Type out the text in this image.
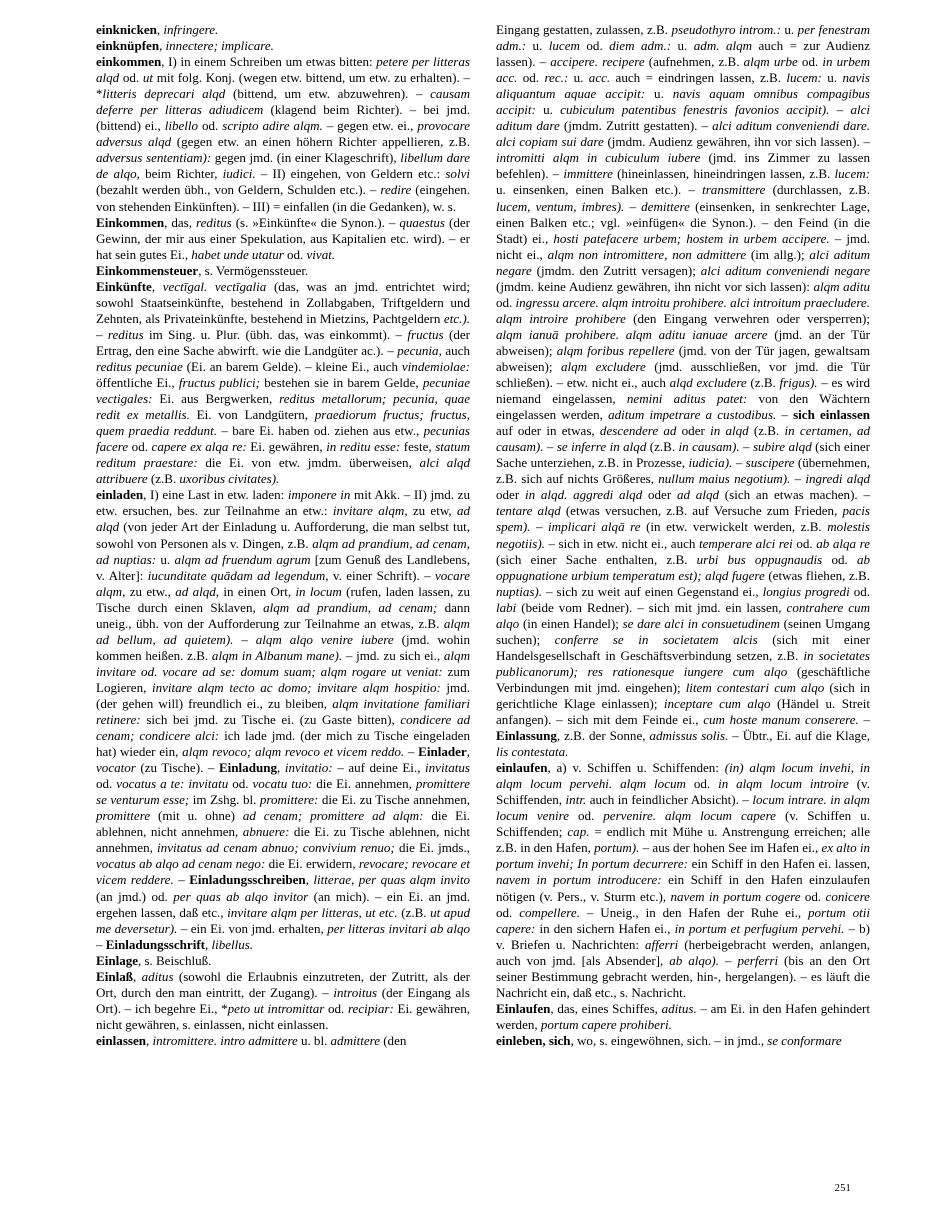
einknicken, infringere.

einknüpfen, innectere; implicare.

einkommen, I) in einem Schreiben um etwas bitten: petere per litteras alqd od. ut mit folg. Konj. (wegen etw. bittend, um etw. zu erhalten). – *litteris deprecari alqd (bittend, um etw. abzuwehren). – causam deferre per litteras adiudicem (klagend beim Richter). – bei jmd. (bittend) ei., libello od. scripto adire alqm. – gegen etw. ei., provocare adversus alqd (gegen etw. an einen höhern Richter appellieren, z.B. adversus sententiam): gegen jmd. (in einer Klageschrift), libellum dare de alqo, beim Richter, iudici. – II) eingehen, von Geldern etc.: solvi (bezahlt werden übh., von Geldern, Schulden etc.). – redire (eingehen. von stehenden Einkünften). – III) = einfallen (in die Gedanken), w. s.

Einkommen, das, reditus (s. »Einkünfte« die Synon.). – quaestus (der Gewinn, der mir aus einer Spekulation, aus Kapitalien etc. wird). – er hat sein gutes Ei., habet unde utatur od. vivat.

Einkommensteuer, s. Vermögenssteuer.

Einkünfte, vectīgal. vectīgalia (das, was an jmd. entrichtet wird; sowohl Staatseinkünfte, bestehend in Zollabgaben, Triftgeldern und Zehnten, als Privateinkünfte, bestehend in Mietzins, Pachtgeldern etc.). – reditus im Sing. u. Plur. (übh. das, was einkommt). – fructus (der Ertrag, den eine Sache abwirft. wie die Landgüter ac.). – pecunia, auch reditus pecuniae (Ei. an barem Gelde). – kleine Ei., auch vindemiolae: öffentliche Ei., fructus publici; bestehen sie in barem Gelde, pecuniae vectigales: Ei. aus Bergwerken, reditus metallorum; pecunia, quae redit ex metallis. Ei. von Landgütern, praediorum fructus; fructus, quem praedia reddunt. – bare Ei. haben od. ziehen aus etw., pecunias facere od. capere ex alqa re: Ei. gewähren, in reditu esse: feste, statum reditum praestare: die Ei. von etw. jmdm. überweisen, alci alqd attribuere (z.B. uxoribus civitates).

einladen, I) eine Last in etw. laden: imponere in mit Akk. – II) jmd. zu etw. ersuchen, bes. zur Teilnahme an etw.: invitare alqm, zu etw, ad alqd (von jeder Art der Einladung u. Aufforderung, die man selbst tut, sowohl von Personen als v. Dingen, z.B. alqm ad prandium, ad cenam, ad nuptias: u. alqm ad fruendum agrum [zum Genuß des Landlebens, v. Alter]: iucunditate quādam ad legendum, v. einer Schrift). – vocare alqm, zu etw., ad alqd, in einen Ort, in locum (rufen, laden lassen, zu Tische durch einen Sklaven, alqm ad prandium, ad cenam; dann uneig., übh. von der Aufforderung zur Teilnahme an etwas, z.B. alqm ad bellum, ad quietem). – alqm alqo venire iubere (jmd. wohin kommen heißen. z.B. alqm in Albanum mane). – jmd. zu sich ei., alqm invitare od. vocare ad se: domum suam; alqm rogare ut veniat: zum Logieren, invitare alqm tecto ac domo; invitare alqm hospitio: jmd. (der gehen will) freundlich ei., zu bleiben, alqm invitatione familiari retinere: sich bei jmd. zu Tische ei. (zu Gaste bitten), condicere ad cenam; condicere alci: ich lade jmd. (der mich zu Tische eingeladen hat) wieder ein, alqm revoco; alqm revoco et vicem reddo. – Einlader, vocator (zu Tische). – Einladung, invitatio: – auf deine Ei., invitatus od. vocatus a te: invitatu od. vocatu tuo: die Ei. annehmen, promittere se venturum esse; im Zshg. bl. promittere: die Ei. zu Tische annehmen, promittere (mit u. ohne) ad cenam; promittere ad alqm: die Ei. ablehnen, nicht annehmen, abnuere: die Ei. zu Tische ablehnen, nicht annehmen, invitatus ad cenam abnuo; convivium renuo; die Ei. jmds., vocatus ab alqo ad cenam nego: die Ei. erwidern, revocare; revocare et vicem reddere. – Einladungsschreiben, litterae, per quas alqm invito (an jmd.) od. per quas ab alqo invitor (an mich). – ein Ei. an jmd. ergehen lassen, daß etc., invitare alqm per litteras, ut etc. (z.B. ut apud me deversetur). – ein Ei. von jmd. erhalten, per litteras invitari ab alqo – Einladungsschrift, libellus.

Einlage, s. Beischluß.

Einlaß, aditus (sowohl die Erlaubnis einzutreten, der Zutritt, als der Ort, durch den man eintritt, der Zugang). – introitus (der Eingang als Ort). – ich begehre Ei., *peto ut intromittar od. recipiar: Ei. gewähren, nicht gewähren, s. einlassen, nicht einlassen.

einlassen, intromittere. intro admittere u. bl. admittere (den

Eingang gestatten, zulassen, z.B. pseudothyro introm.: u. per fenestram adm.: u. lucem od. diem adm.: u. adm. alqm auch = zur Audienz lassen). – accipere. recipere (aufnehmen, z.B. alqm urbe od. in urbem acc. od. rec.: u. acc. auch = eindringen lassen, z.B. lucem: u. navis aliquantum aquae accipit: u. navis aquam omnibus compagibus accipit: u. cubiculum patentibus fenestris favonios accipit). – alci aditum dare (jmdm. Zutritt gestatten). – alci aditum conveniendi dare. alci copiam sui dare (jmdm. Audienz gewähren, ihn vor sich lassen). – intromitti alqm in cubiculum iubere (jmd. ins Zimmer zu lassen befehlen). – immittere (hineinlassen, hineindringen lassen, z.B. lucem: u. einsenken, einen Balken etc.). – transmittere (durchlassen, z.B. lucem, ventum, imbres). – demittere (einsenken, in senkrechter Lage, einen Balken etc.; vgl. »einfügen« die Synon.). – den Feind (in die Stadt) ei., hosti patefacere urbem; hostem in urbem accipere. – jmd. nicht ei., alqm non intromittere, non admittere (im allg.); alci aditum negare (jmdm. den Zutritt versagen); alci aditum conveniendi negare (jmdm. keine Audienz gewähren, ihn nicht vor sich lassen): alqm aditu od. ingressu arcere. alqm introitu prohibere. alci introitum praecludere. alqm introire prohibere (den Eingang verwehren oder versperren); alqm ianuā prohibere. alqm aditu ianuae arcere (jmd. an der Tür abweisen); alqm foribus repellere (jmd. von der Tür jagen, gewaltsam abweisen); alqm excludere (jmd. ausschließen, vor jmd. die Tür schließen). – etw. nicht ei., auch alqd excludere (z.B. frigus). – es wird niemand eingelassen, nemini aditus patet: von den Wächtern eingelassen werden, aditum impetrare a custodibus. – sich einlassen auf oder in etwas, descendere ad oder in alqd (z.B. in certamen, ad causam). – se inferre in alqd (z.B. in causam). – subire alqd (sich einer Sache unterziehen, z.B. in Prozesse, iudicia). – suscipere (übernehmen, z.B. sich auf nichts Größeres, nullum maius negotium). – ingredi alqd oder in alqd. aggredi alqd oder ad alqd (sich an etwas machen). – tentare alqd (etwas versuchen, z.B. auf Versuche zum Frieden, pacis spem). – implicari alqā re (in etw. verwickelt werden, z.B. molestis negotiis). – sich in etw. nicht ei., auch temperare alci rei od. ab alqa re (sich einer Sache enthalten, z.B. urbi bus oppugnaudis od. ab oppugnatione urbium temperatum est); alqd fugere (etwas fliehen, z.B. nuptias). – sich zu weit auf einen Gegenstand ei., longius progredi od. labi (beide vom Redner). – sich mit jmd. ein lassen, contrahere cum alqo (in einen Handel); se dare alci in consuetudinem (seinen Umgang suchen); conferre se in societatem alcis (sich mit einer Handelsgesellschaft in Geschäftsverbindung setzen, z.B. in societates publicanorum); res rationesque iungere cum alqo (geschäftliche Verbindungen mit jmd. eingehen); litem contestari cum alqo (sich in gerichtliche Klage einlassen); inceptare cum alqo (Händel u. Streit anfangen). – sich mit dem Feinde ei., cum hoste manum conserere. – Einlassung, z.B. der Sonne, admissus solis. – Übtr., Ei. auf die Klage, lis contestata.

einlaufen, a) v. Schiffen u. Schiffenden: (in) alqm locum invehi, in alqm locum pervehi. alqm locum od. in alqm locum introire (v. Schiffenden, intr. auch in feindlicher Absicht). – locum intrare. in alqm locum venire od. pervenire. alqm locum capere (v. Schiffen u. Schiffenden; cap. = endlich mit Mühe u. Anstrengung erreichen; alle z.B. in den Hafen, portum). – aus der hohen See im Hafen ei., ex alto in portum invehi; In portum decurrere: ein Schiff in den Hafen ei. lassen, navem in portum introducere: ein Schiff in den Hafen einzulaufen nötigen (v. Pers., v. Sturm etc.), navem in portum cogere od. conicere od. compellere. – Uneig., in den Hafen der Ruhe ei., portum otii capere: in den sichern Hafen ei., in portum et perfugium pervehi. – b) v. Briefen u. Nachrichten: afferri (herbeigebracht werden, anlangen, auch von jmd. [als Absender], ab alqo). – perferri (bis an den Ort seiner Bestimmung gebracht werden, hin-, hergelangen). – es läuft die Nachricht ein, daß etc., s. Nachricht.

Einlaufen, das, eines Schiffes, aditus. – am Ei. in den Hafen gehindert werden, portum capere prohiberi.

einleben, sich, wo, s. eingewöhnen, sich. – in jmd., se conformare

251
